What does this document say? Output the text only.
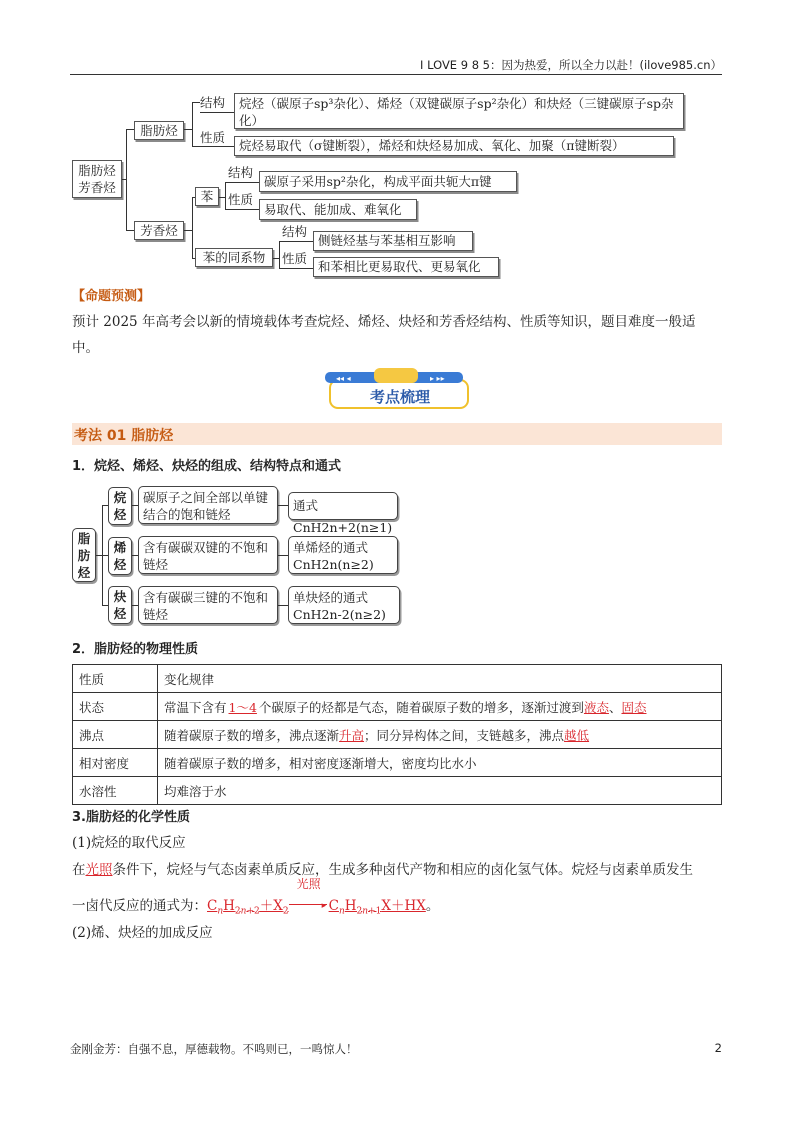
I LOVE 9 8 5：因为热爱，所以全力以赴！(ilove985.cn）
脂肪烃
芳香烃
脂肪烃
结构
性质
烷烃（碳原子sp³杂化）、烯烃（双键碳原子sp²杂化）和炔烃（三键碳原子sp杂化）
烷烃易取代（σ键断裂），烯烃和炔烃易加成、氧化、加聚（π键断裂）
芳香烃
苯
结构
性质
碳原子采用sp²杂化，构成平面共轭大π键
易取代、能加成、难氧化
苯的同系物
结构
性质
侧链烃基与苯基相互影响
和苯相比更易取代、更易氧化
【命题预测】
预计 2025 年高考会以新的情境载体考查烷烃、烯烃、炔烃和芳香烃结构、性质等知识，题目难度一般适中。
◂◂ ◂	▸ ▸▸
考点梳理
考法 01 脂肪烃
1．烷烃、烯烃、炔烃的组成、结构特点和通式
脂肪烃
烷烃
碳原子之间全部以单键结合的饱和链烃
通式CnH2n+2(n≥1)
烯烃
含有碳碳双键的不饱和链烃
单烯烃的通式CnH2n(n≥2)
炔烃
含有碳碳三键的不饱和链烃
单炔烃的通式CnH2n-2(n≥2)
2．脂肪烃的物理性质
性质	变化规律
状态	常温下含有 1～4 个碳原子的烃都是气态，随着碳原子数的增多，逐渐过渡到液态、固态
沸点	随着碳原子数的增多，沸点逐渐升高；同分异构体之间，支链越多，沸点越低
相对密度	随着碳原子数的增多，相对密度逐渐增大，密度均比水小
水溶性	均难溶于水
3.脂肪烃的化学性质
(1)烷烃的取代反应
在光照条件下，烷烃与气态卤素单质反应，生成多种卤代产物和相应的卤化氢气体。烷烃与卤素单质发生
一卤代反应的通式为：$C_nH_{2n+2}+X_2$
光照
▸ $C_nH_{2n+1}X+HX$。
(2)烯、炔烃的加成反应
金刚金芳：自强不息，厚德载物。不鸣则已，一鸣惊人！	2
